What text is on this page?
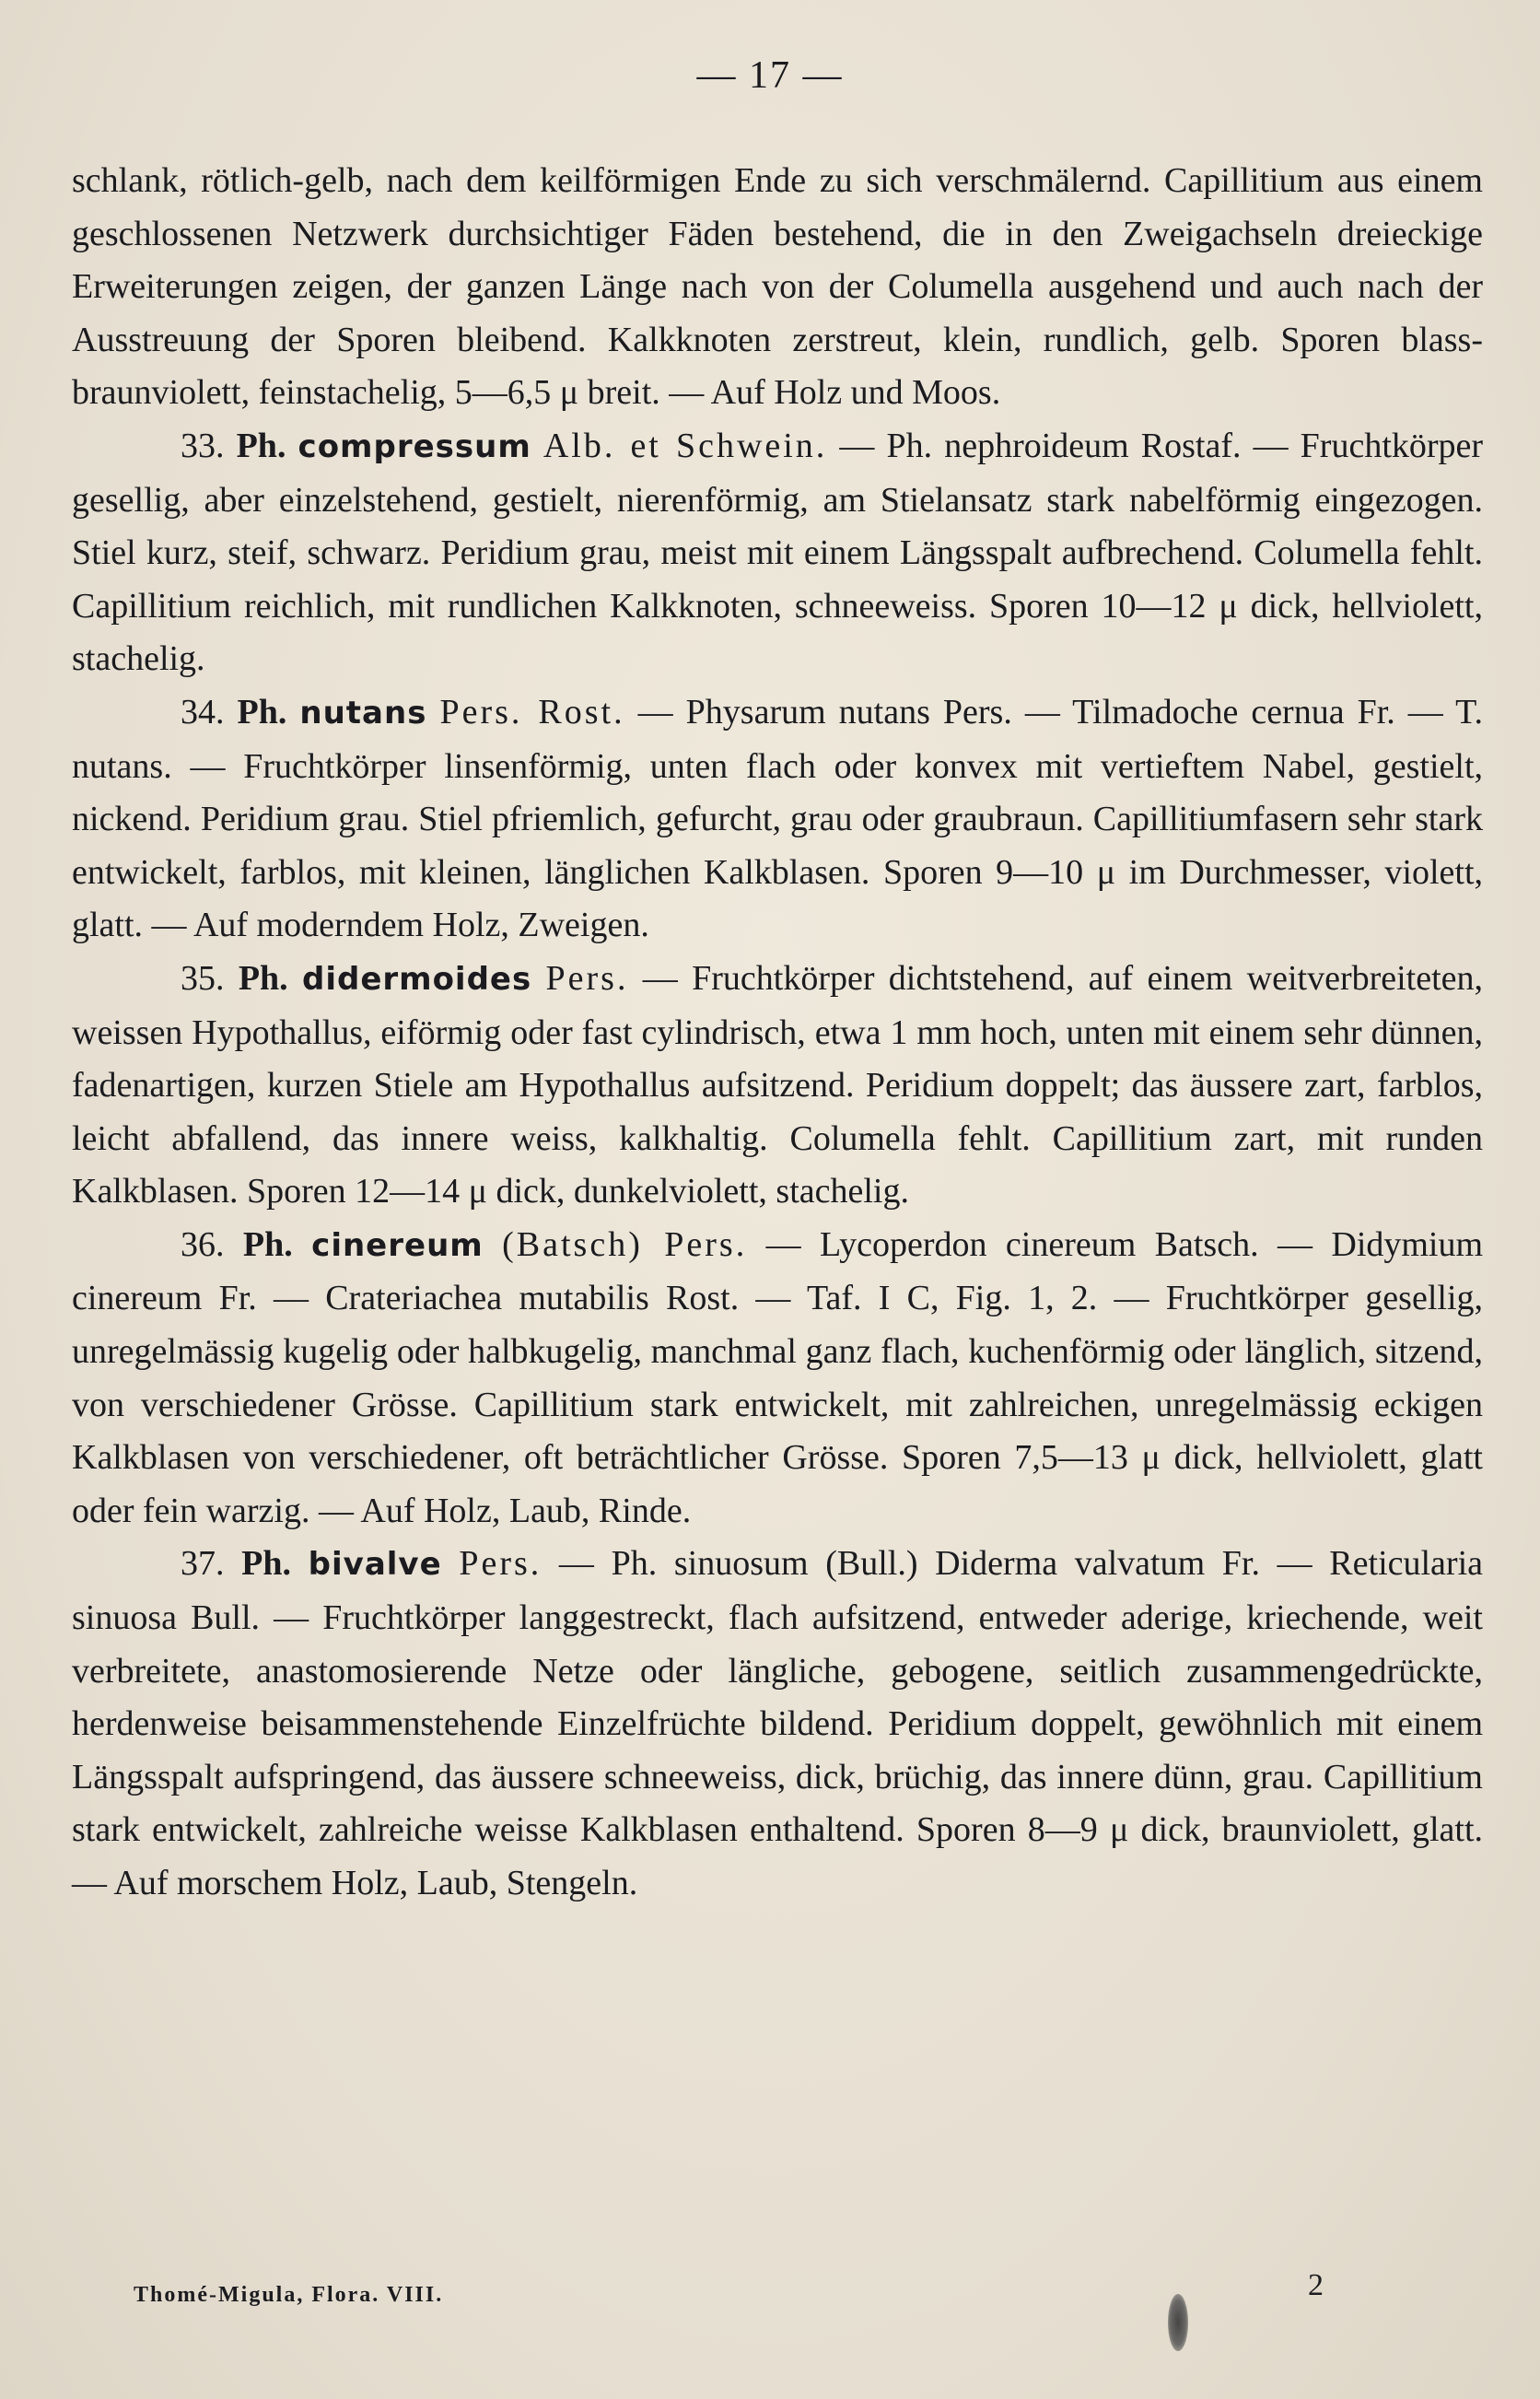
— 17 —

schlank, rötlich-gelb, nach dem keilförmigen Ende zu sich verschmälernd. Capillitium aus einem geschlossenen Netzwerk durchsichtiger Fäden bestehend, die in den Zweigachseln dreieckige Erweiterungen zeigen, der ganzen Länge nach von der Columella ausgehend und auch nach der Ausstreuung der Sporen bleibend. Kalkknoten zerstreut, klein, rundlich, gelb. Sporen blass-braunviolett, feinstachelig, 5—6,5 μ breit. — Auf Holz und Moos.

33. Ph. compressum Alb. et Schwein. — Ph. nephroideum Rostaf. — Fruchtkörper gesellig, aber einzelstehend, gestielt, nierenförmig, am Stielansatz stark nabelförmig eingezogen. Stiel kurz, steif, schwarz. Peridium grau, meist mit einem Längsspalt aufbrechend. Columella fehlt. Capillitium reichlich, mit rundlichen Kalkknoten, schneeweiss. Sporen 10—12 μ dick, hellviolett, stachelig.

34. Ph. nutans Pers. Rost. — Physarum nutans Pers. — Tilmadoche cernua Fr. — T. nutans. — Fruchtkörper linsenförmig, unten flach oder konvex mit vertieftem Nabel, gestielt, nickend. Peridium grau. Stiel pfriemlich, gefurcht, grau oder graubraun. Capillitiumfasern sehr stark entwickelt, farblos, mit kleinen, länglichen Kalkblasen. Sporen 9—10 μ im Durchmesser, violett, glatt. — Auf moderndem Holz, Zweigen.

35. Ph. didermoides Pers. — Fruchtkörper dichtstehend, auf einem weitverbreiteten, weissen Hypothallus, eiförmig oder fast cylindrisch, etwa 1 mm hoch, unten mit einem sehr dünnen, fadenartigen, kurzen Stiele am Hypothallus aufsitzend. Peridium doppelt; das äussere zart, farblos, leicht abfallend, das innere weiss, kalkhaltig. Columella fehlt. Capillitium zart, mit runden Kalkblasen. Sporen 12—14 μ dick, dunkelviolett, stachelig.

36. Ph. cinereum (Batsch) Pers. — Lycoperdon cinereum Batsch. — Didymium cinereum Fr. — Crateriachea mutabilis Rost. — Taf. I C, Fig. 1, 2. — Fruchtkörper gesellig, unregelmässig kugelig oder halbkugelig, manchmal ganz flach, kuchenförmig oder länglich, sitzend, von verschiedener Grösse. Capillitium stark entwickelt, mit zahlreichen, unregelmässig eckigen Kalkblasen von verschiedener, oft beträchtlicher Grösse. Sporen 7,5—13 μ dick, hellviolett, glatt oder fein warzig. — Auf Holz, Laub, Rinde.

37. Ph. bivalve Pers. — Ph. sinuosum (Bull.) Diderma valvatum Fr. — Reticularia sinuosa Bull. — Fruchtkörper langgestreckt, flach aufsitzend, entweder aderige, kriechende, weit verbreitete, anastomosierende Netze oder längliche, gebogene, seitlich zusammengedrückte, herdenweise beisammenstehende Einzelfrüchte bildend. Peridium doppelt, gewöhnlich mit einem Längsspalt aufspringend, das äussere schneeweiss, dick, brüchig, das innere dünn, grau. Capillitium stark entwickelt, zahlreiche weisse Kalkblasen enthaltend. Sporen 8—9 μ dick, braunviolett, glatt. — Auf morschem Holz, Laub, Stengeln.

Thomé-Migula, Flora. VIII.	2
